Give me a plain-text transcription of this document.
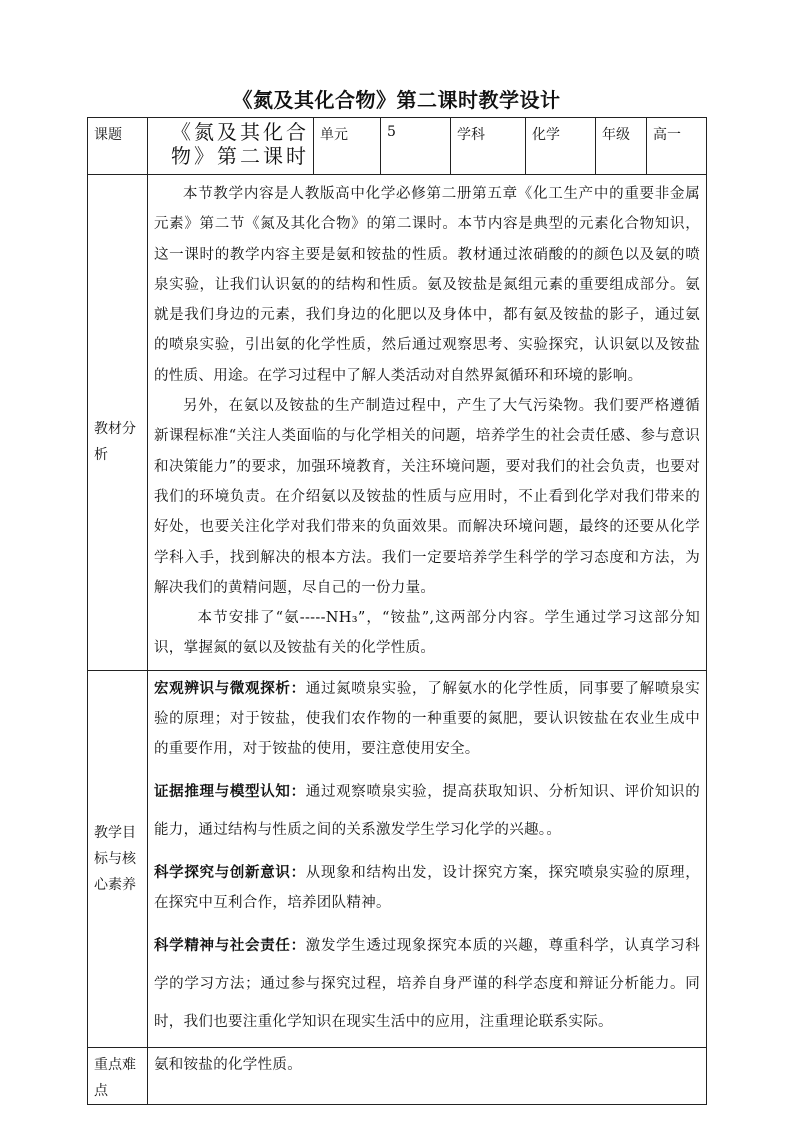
《氮及其化合物》第二课时教学设计
课题	《氮及其化合物》第二课时	单元	5	学科	化学	年级	高一
教材分析	本节教学内容是人教版高中化学必修第二册第五章《化工生产中的重要非金属元素》第二节《氮及其化合物》的第二课时。本节内容是典型的元素化合物知识，这一课时的教学内容主要是氨和铵盐的性质。教材通过浓硝酸的的颜色以及氨的喷泉实验，让我们认识氨的的结构和性质。氨及铵盐是氮组元素的重要组成部分。氨就是我们身边的元素，我们身边的化肥以及身体中，都有氨及铵盐的影子，通过氨的喷泉实验，引出氨的化学性质，然后通过观察思考、实验探究，认识氨以及铵盐的性质、用途。在学习过程中了解人类活动对自然界氮循环和环境的影响。
另外，在氨以及铵盐的生产制造过程中，产生了大气污染物。我们要严格遵循新课程标准“关注人类面临的与化学相关的问题，培养学生的社会责任感、参与意识和决策能力”的要求，加强环境教育，关注环境问题，要对我们的社会负责，也要对我们的环境负责。在介绍氨以及铵盐的性质与应用时，不止看到化学对我们带来的好处，也要关注化学对我们带来的负面效果。而解决环境问题，最终的还要从化学学科入手，找到解决的根本方法。我们一定要培养学生科学的学习态度和方法，为解决我们的黄精问题，尽自己的一份力量。
本节安排了“氨-----NH₃”，“铵盐”,这两部分内容。学生通过学习这部分知识，掌握氮的氨以及铵盐有关的化学性质。						

教学目标与核心素养	宏观辨识与微观探析：通过氮喷泉实验，了解氨水的化学性质，同事要了解喷泉实验的原理；对于铵盐，使我们农作物的一种重要的氮肥，要认识铵盐在农业生成中的重要作用，对于铵盐的使用，要注意使用安全。

证据推理与模型认知：通过观察喷泉实验，提高获取知识、分析知识、评价知识的能力，通过结构与性质之间的关系激发学生学习化学的兴趣。。

科学探究与创新意识：从现象和结构出发，设计探究方案，探究喷泉实验的原理，在探究中互利合作，培养团队精神。

科学精神与社会责任：激发学生透过现象探究本质的兴趣，尊重科学，认真学习科学的学习方法；通过参与探究过程，培养自身严谨的科学态度和辩证分析能力。同时，我们也要注重化学知识在现实生活中的应用，注重理论联系实际。						

重点难点	氨和铵盐的化学性质。						
